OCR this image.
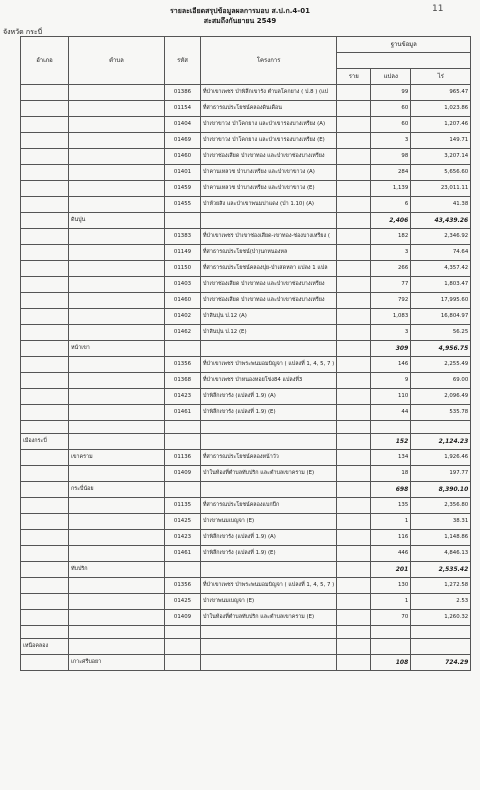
11
รายละเอียดสรุปข้อมูลผลการมอบ ส.ป.ก.4-01
สะสมถึงกันยายน 2549
จังหวัด กระบี่
อำเภอ	ตำบล	รหัส	โครงการ	ฐานข้อมูล		

				ราย	แปลง	ไร่
		01386	ที่ป่าเขาเพชร ป่าพิลึกเขารัง ตำบลโคกยาง ( ป.8 ) (แป		99	965.47
		01154	ที่สาธารณประโยชน์คลองดินเดือน		60	1,023.86
		01404	ป่าเขาขาวง ป่าโคกยาง และป่าเขารองบางเหรียง (A)		60	1,207.46
		01469	ป่าเขาขาวง ป่าโคกยาง และป่าเขารองบางเหรียง (E)		3	149.71
		01460	ป่าเขาช่องเสียด ป่าเขาทอง และป่าเขาช่องบางเหรียง		98	3,207.14
		01401	ป่าคานเหลวช ป่าบางเหรียง และป่าเขาขาวง (A)		284	5,656.60
		01459	ป่าคานเหลวช ป่าบางเหรียง และป่าเขาขาวง (E)		1,139	23,011.11
		01455	ป่าห้วยสิง และป่าเขาพนมบ่าแดง (ป่า 1.10) (A)		6	41.38
	ดินปูน				2,406	43,439.26
		01383	ที่ป่าเขาเพชร ป่าเขาช่องเสียด-เขาทอง-ช่องบางเหรียง (		182	2,346.92
		01149	ที่สาธารณประโยชน์(ป่า)นกหนองหล		3	74.64
		01150	ที่สาธารณประโยชน์คลองปุย-ป่าเสดหลา แปลง 1 แปล		266	4,357.42
		01403	ป่าเขาช่องเสียด ป่าเขาทอง และป่าเขาช่องบางเหรียง		77	1,803.47
		01460	ป่าเขาช่องเสียด ป่าเขาทอง และป่าเขาช่องบางเหรียง		792	17,995.60
		01402	ป่าสินปุน ป.12 (A)		1,083	16,804.97
		01462	ป่าสินปุน ป.12 (E)		3	56.25
	หน้าเขา				309	4,956.75
		01356	ที่ป่าเขาเพชร ป่าพระพนมอมบิญจา ( แปลงที่ 1, 4, 5, 7 )		146	2,255.49
		01368	ที่ป่าเขาเพชร ป่าหนองหอยโข่ง84 แปลงที่3		9	69.00
		01423	ป่าพิลึกเขารัง (แปลงที่ 1.9) (A)		110	2,096.49
		01461	ป่าพิลึกเขารัง (แปลงที่ 1.9) (E)		44	535.78

เมืองกระบี่					152	2,124.23
	เขาคราม	01136	ที่สาธารณประโยชน์คลองหน้าวัว		134	1,926.46
		01409	ป่าในท้องที่ตำบลทับปริก และตำบลเขาคราม (E)		18	197.77
	กระบี่น้อย				698	8,390.10
		01135	ที่สาธารณประโยชน์คลองแบกปีก		135	2,356.80
		01425	ป่าเขาพนมเบญจา (E)		1	38.31
		01423	ป่าพิลึกเขารัง (แปลงที่ 1.9) (A)		116	1,148.86
		01461	ป่าพิลึกเขารัง (แปลงที่ 1.9) (E)		446	4,846.13
	ทับปริก				201	2,535.42
		01356	ที่ป่าเขาเพชร ป่าพระพนมอมบิญจา ( แปลงที่ 1, 4, 5, 7 )		130	1,272.58
		01425	ป่าเขาพนมเบญจา (E)		1	2.53
		01409	ป่าในท้องที่ตำบลทับปริก และตำบลเขาคราม (E)		70	1,260.32

เหนือคลอง						
	เกาะศรีบอยา				108	724.29
